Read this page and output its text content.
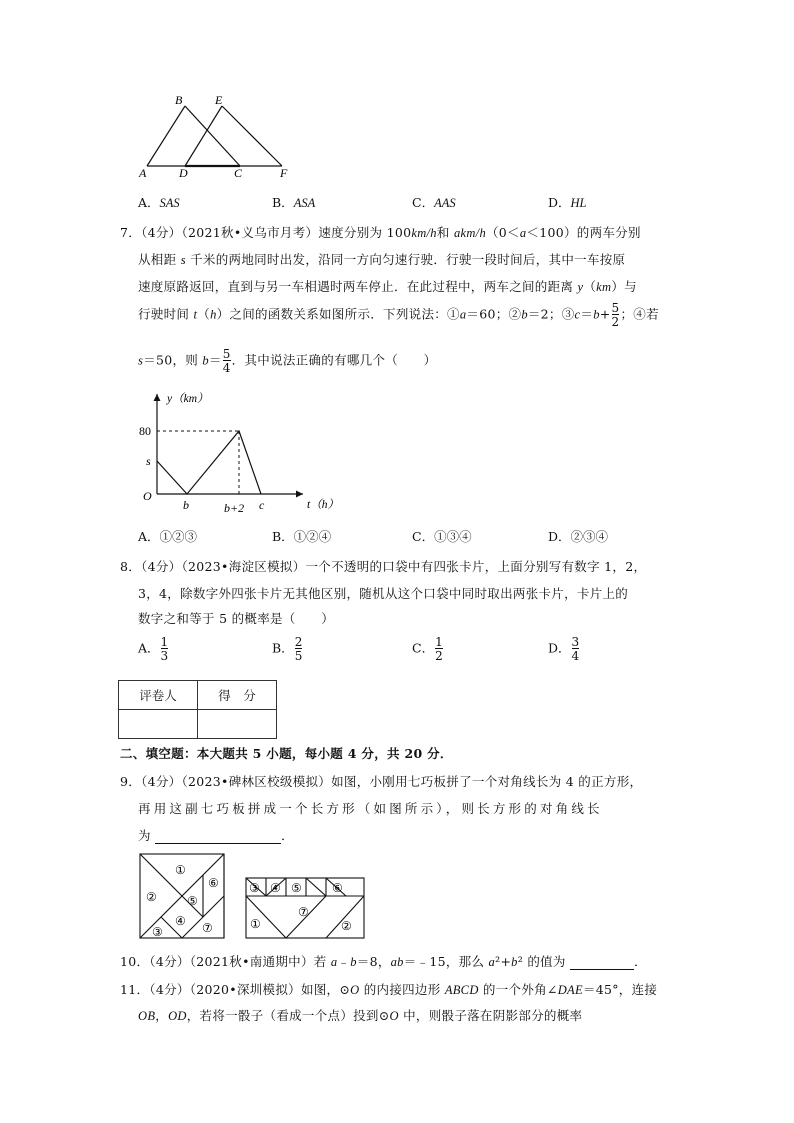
A
B	E
D	C	F
A．SAS	B．ASA	C．AAS	D．HL
7．（4分）（2021秋•义乌市月考）速度分别为 100km/h和 akm/h（0＜a＜100）的两车分别
从相距 s 千米的两地同时出发，沿同一方向匀速行驶．行驶一段时间后，其中一车按原
速度原路返回，直到与另一车相遇时两车停止．在此过程中，两车之间的距离 y（km）与
行驶时间 t（h）之间的函数关系如图所示．下列说法：①a＝60；②b＝2；③c＝b+ $\frac{5}{2}$ ；④若
s＝50，则 $b= \frac{5}{4}$ ．其中说法正确的有哪几个（　　）
y（km）
t（h）
80
s
O
b	b+2 c
A．①②③	B．①②④	C．①③④	D．②③④
8．（4分）（2023•海淀区模拟）一个不透明的口袋中有四张卡片，上面分别写有数字 1，2，
3，4，除数字外四张卡片无其他区别，随机从这个口袋中同时取出两张卡片，卡片上的
数字之和等于 5 的概率是（　　）
A． $\frac{1}{3}$	B． $\frac{2}{5}$	C． $\frac{1}{2}$	D． $\frac{3}{4}$
评卷人	得　分

二、填空题：本大题共 5 小题，每小题 4 分，共 20 分．
9．（4分）（2023•碑林区校级模拟）如图，小刚用七巧板拼了一个对角线长为 4 的正方形，
再用这副七巧板拼成一个长方形（如图所示），则长方形的对角线长
为	．
①
②	⑤
⑥
④ ⑦
③
③ ④ ⑤	⑥
①
⑦
②
10．（4分）（2021秋•南通期中）若 a﹣b＝8，ab＝﹣15，那么 a²+b² 的值为	．
11．（4分）（2020•深圳模拟）如图，⊙O 的内接四边形 ABCD 的一个外角∠DAE＝45°，连接
OB，OD，若将一骰子（看成一个点）投到⊙O 中，则骰子落在阴影部分的概率
